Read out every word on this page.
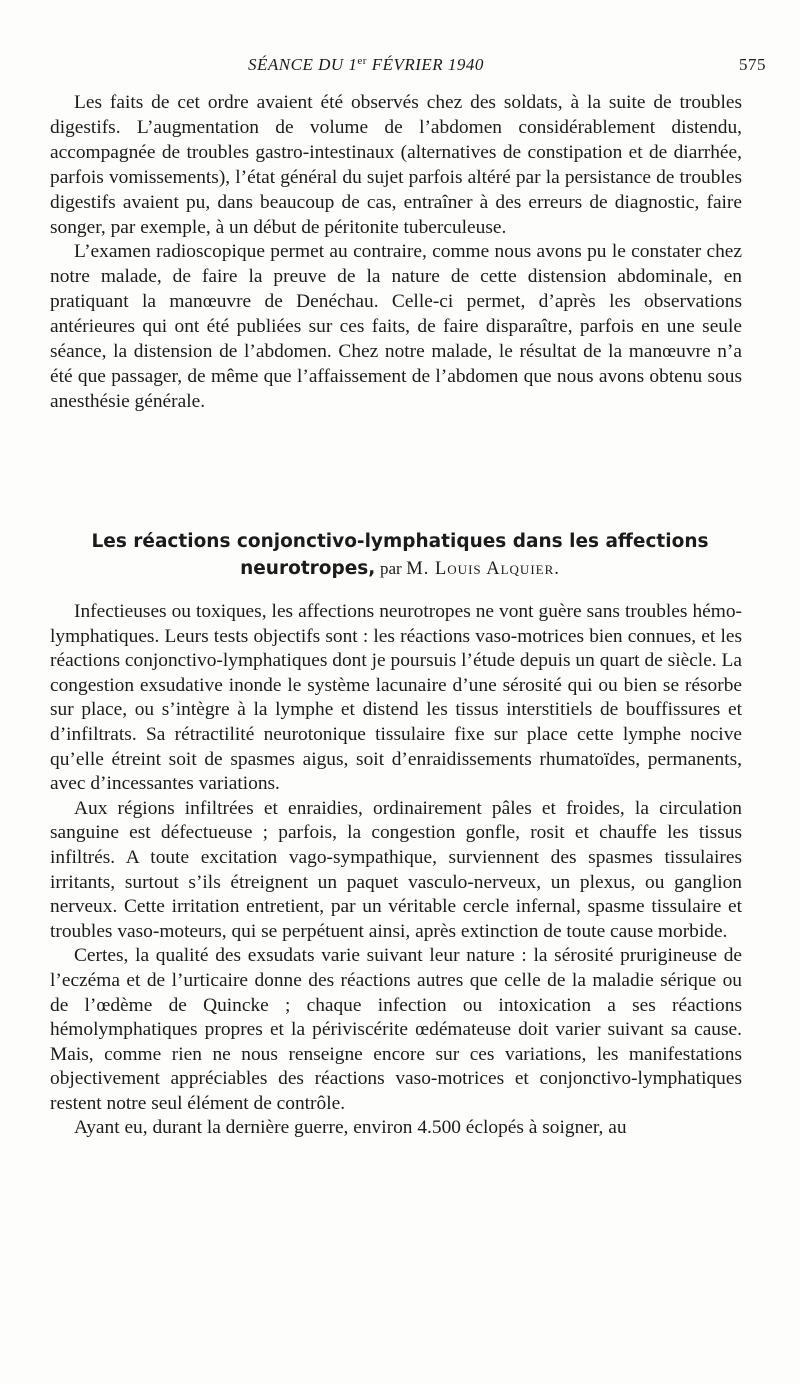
SÉANCE DU 1er FÉVRIER 1940	575

Les faits de cet ordre avaient été observés chez des soldats, à la suite de troubles digestifs. L’augmentation de volume de l’abdomen considérablement distendu, accompagnée de troubles gastro-intestinaux (alternatives de constipation et de diarrhée, parfois vomissements), l’état général du sujet parfois altéré par la persistance de troubles digestifs avaient pu, dans beaucoup de cas, entraîner à des erreurs de diagnostic, faire songer, par exemple, à un début de péritonite tuberculeuse.

L’examen radioscopique permet au contraire, comme nous avons pu le constater chez notre malade, de faire la preuve de la nature de cette distension abdominale, en pratiquant la manœuvre de Denéchau. Celle-ci permet, d’après les observations antérieures qui ont été publiées sur ces faits, de faire disparaître, parfois en une seule séance, la distension de l’abdomen. Chez notre malade, le résultat de la manœuvre n’a été que passager, de même que l’affaissement de l’abdomen que nous avons obtenu sous anesthésie générale.

Les réactions conjonctivo-lymphatiques dans les affections
neurotropes, par M. Louis Alquier.

Infectieuses ou toxiques, les affections neurotropes ne vont guère sans troubles hémo-lymphatiques. Leurs tests objectifs sont : les réactions vaso-motrices bien connues, et les réactions conjonctivo-lymphatiques dont je poursuis l’étude depuis un quart de siècle. La congestion exsudative inonde le système lacunaire d’une sérosité qui ou bien se résorbe sur place, ou s’intègre à la lymphe et distend les tissus interstitiels de bouffissures et d’infiltrats. Sa rétractilité neurotonique tissulaire fixe sur place cette lymphe nocive qu’elle étreint soit de spasmes aigus, soit d’enraidissements rhumatoïdes, permanents, avec d’incessantes variations.

Aux régions infiltrées et enraidies, ordinairement pâles et froides, la circulation sanguine est défectueuse ; parfois, la congestion gonfle, rosit et chauffe les tissus infiltrés. A toute excitation vago-sympathique, surviennent des spasmes tissulaires irritants, surtout s’ils étreignent un paquet vasculo-nerveux, un plexus, ou ganglion nerveux. Cette irritation entretient, par un véritable cercle infernal, spasme tissulaire et troubles vaso-moteurs, qui se perpétuent ainsi, après extinction de toute cause morbide.

Certes, la qualité des exsudats varie suivant leur nature : la sérosité prurigineuse de l’eczéma et de l’urticaire donne des réactions autres que celle de la maladie sérique ou de l’œdème de Quincke ; chaque infection ou intoxication a ses réactions hémolymphatiques propres et la périviscérite œdémateuse doit varier suivant sa cause. Mais, comme rien ne nous renseigne encore sur ces variations, les manifestations objectivement appréciables des réactions vaso-motrices et conjonctivo-lymphatiques restent notre seul élément de contrôle.

Ayant eu, durant la dernière guerre, environ 4.500 éclopés à soigner, au
